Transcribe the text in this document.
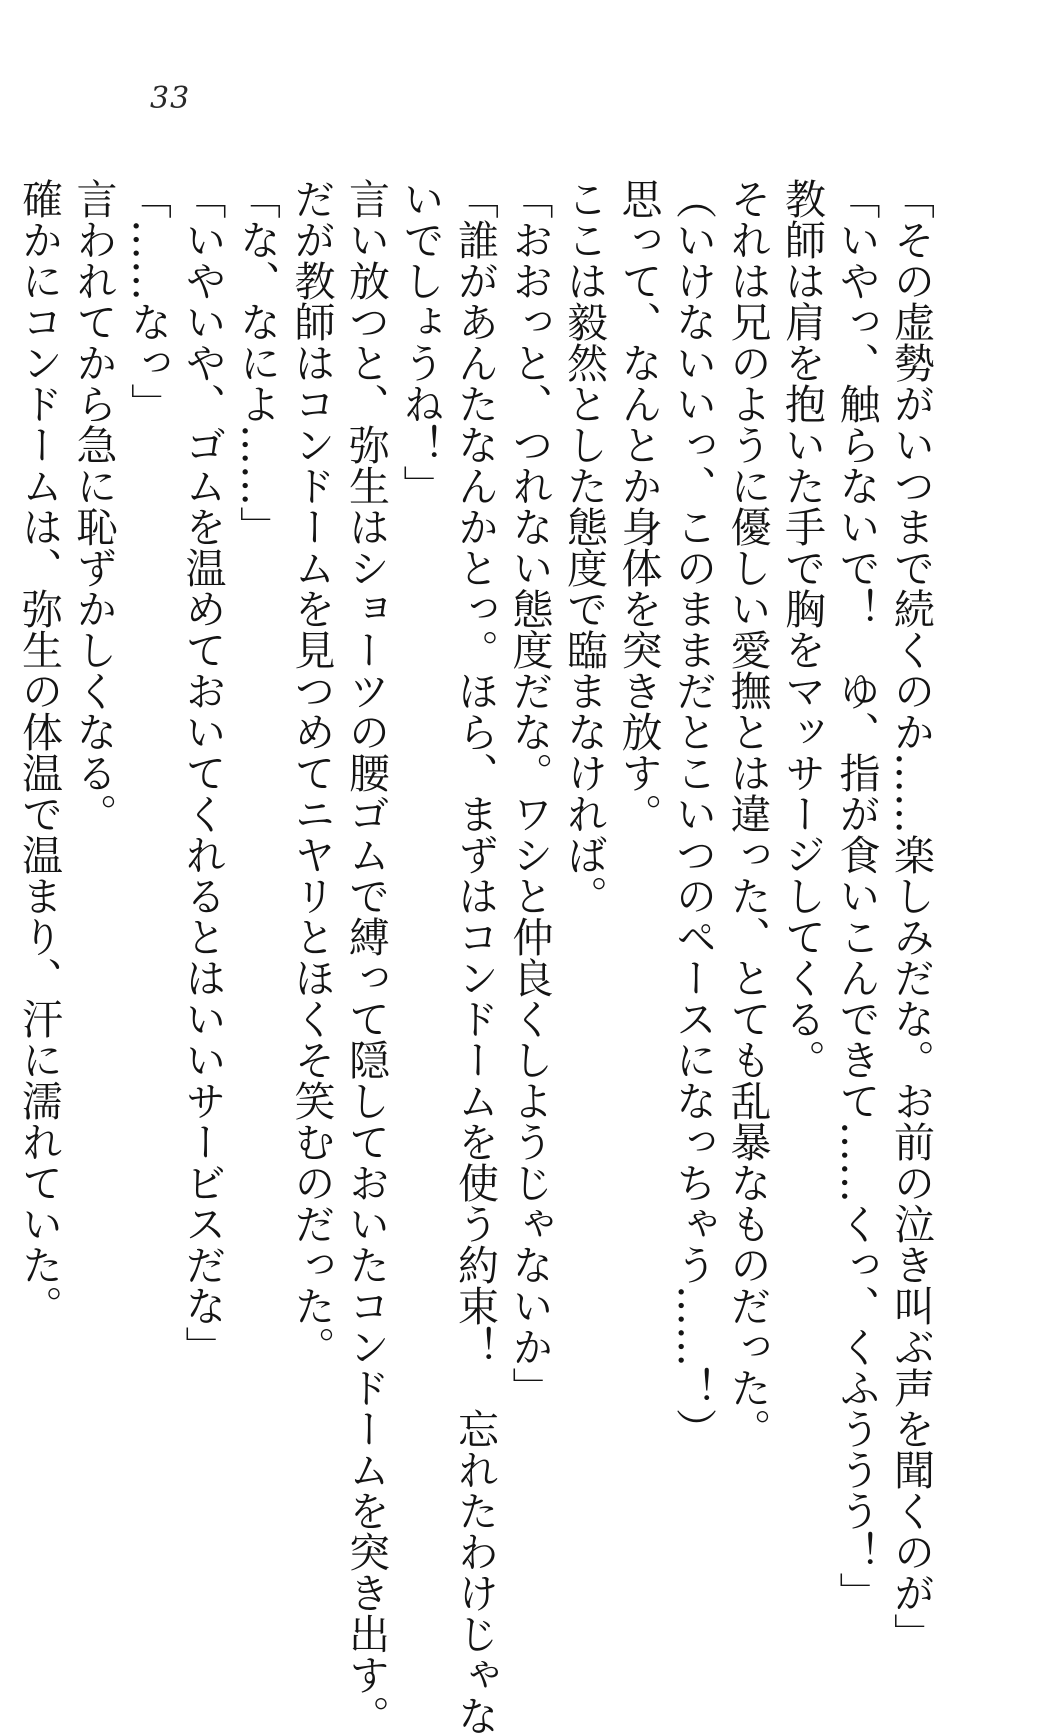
33
「その虚勢がいつまで続くのか……楽しみだな。お前の泣き叫ぶ声を聞くのが」
「いやっ、触らないで！　ゆ、指が食いこんできて……くっ、くふううう！」
教師は肩を抱いた手で胸をマッサージしてくる。
それは兄のように優しい愛撫とは違った、とても乱暴なものだった。
（いけないいっ、このままだとこいつのペースになっちゃう……！）
思って、なんとか身体を突き放す。
ここは毅然とした態度で臨まなければ。
「おおっと、つれない態度だな。ワシと仲良くしようじゃないか」
「誰があんたなんかとっ。ほら、まずはコンドームを使う約束！　忘れたわけじゃな
いでしょうね！」
言い放つと、弥生はショーツの腰ゴムで縛って隠しておいたコンドームを突き出す。
だが教師はコンドームを見つめてニヤリとほくそ笑むのだった。
「な、なによ……」
「いやいや、ゴムを温めておいてくれるとはいいサービスだな」
「……なっ」
言われてから急に恥ずかしくなる。
確かにコンドームは、弥生の体温で温まり、汗に濡れていた。
